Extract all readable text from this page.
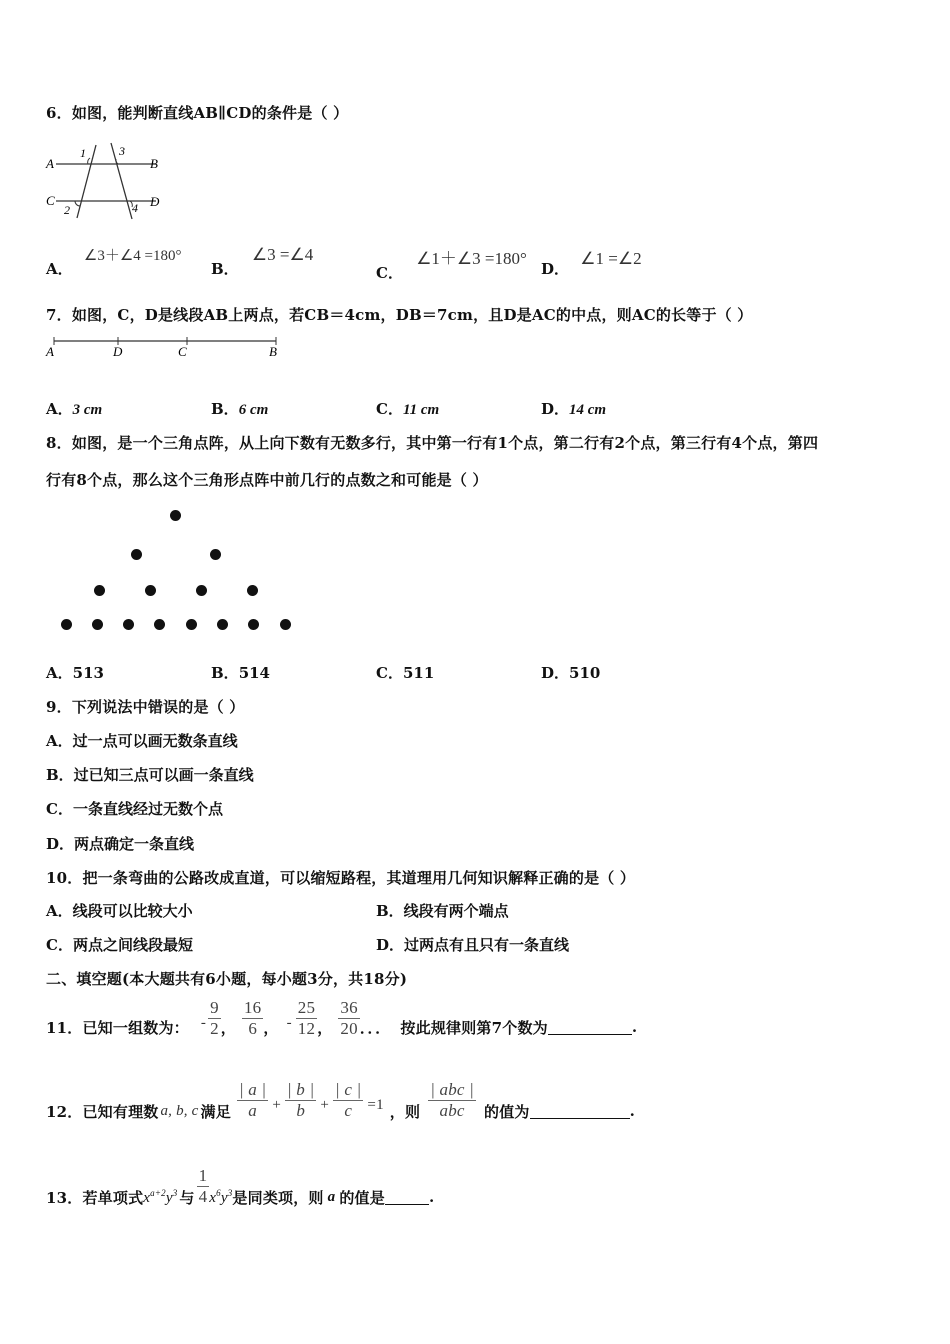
6．如图，能判断直线AB∥CD的条件是（ ）
A	B
C	D
1
2
3
4
A． ∠3＋∠4 =180°
B． ∠3 =∠4
C． ∠1＋∠3 =180°
D． ∠1 =∠2
7．如图，C，D是线段AB上两点，若CB＝4cm，DB＝7cm，且D是AC的中点，则AC的长等于（ ）
A	D	C	B
A．3 cm	B．6 cm	C．11 cm	D．14 cm
8．如图，是一个三角点阵，从上向下数有无数多行，其中第一行有1个点，第二行有2个点，第三行有4个点，第四
行有8个点，那么这个三角形点阵中前几行的点数之和可能是（ ）
A．513	B．514	C．511	D．510
9．下列说法中错误的是（ ）
A．过一点可以画无数条直线
B．过已知三点可以画一条直线
C．一条直线经过无数个点
D．两点确定一条直线
10．把一条弯曲的公路改成直道，可以缩短路程，其道理用几何知识解释正确的是（ ）
A．线段可以比较大小	B．线段有两个端点
C．两点之间线段最短	D．过两点有且只有一条直线
二、填空题(本大题共有6小题，每小题3分，共18分)
11．已知一组数为： - $\frac{9}{2}$ ， $\frac{16}{6}$ ， - $\frac{25}{12}$ ， $\frac{36}{20}$ ．．． 按此规律则第7个数为	.
12．已知有理数 a, b, c 满足 $\frac{| a |}{a} + \frac{| b |}{b} + \frac{| c |}{c} =1$ ，则 $\frac{\text{| abc |}}{\text{abc}}$ 的值为	.
13．若单项式 $x^{a+2}y^3$ 与 $\frac{1}{4} x^6y^3$ 是同类项，则 a 的值是	.
